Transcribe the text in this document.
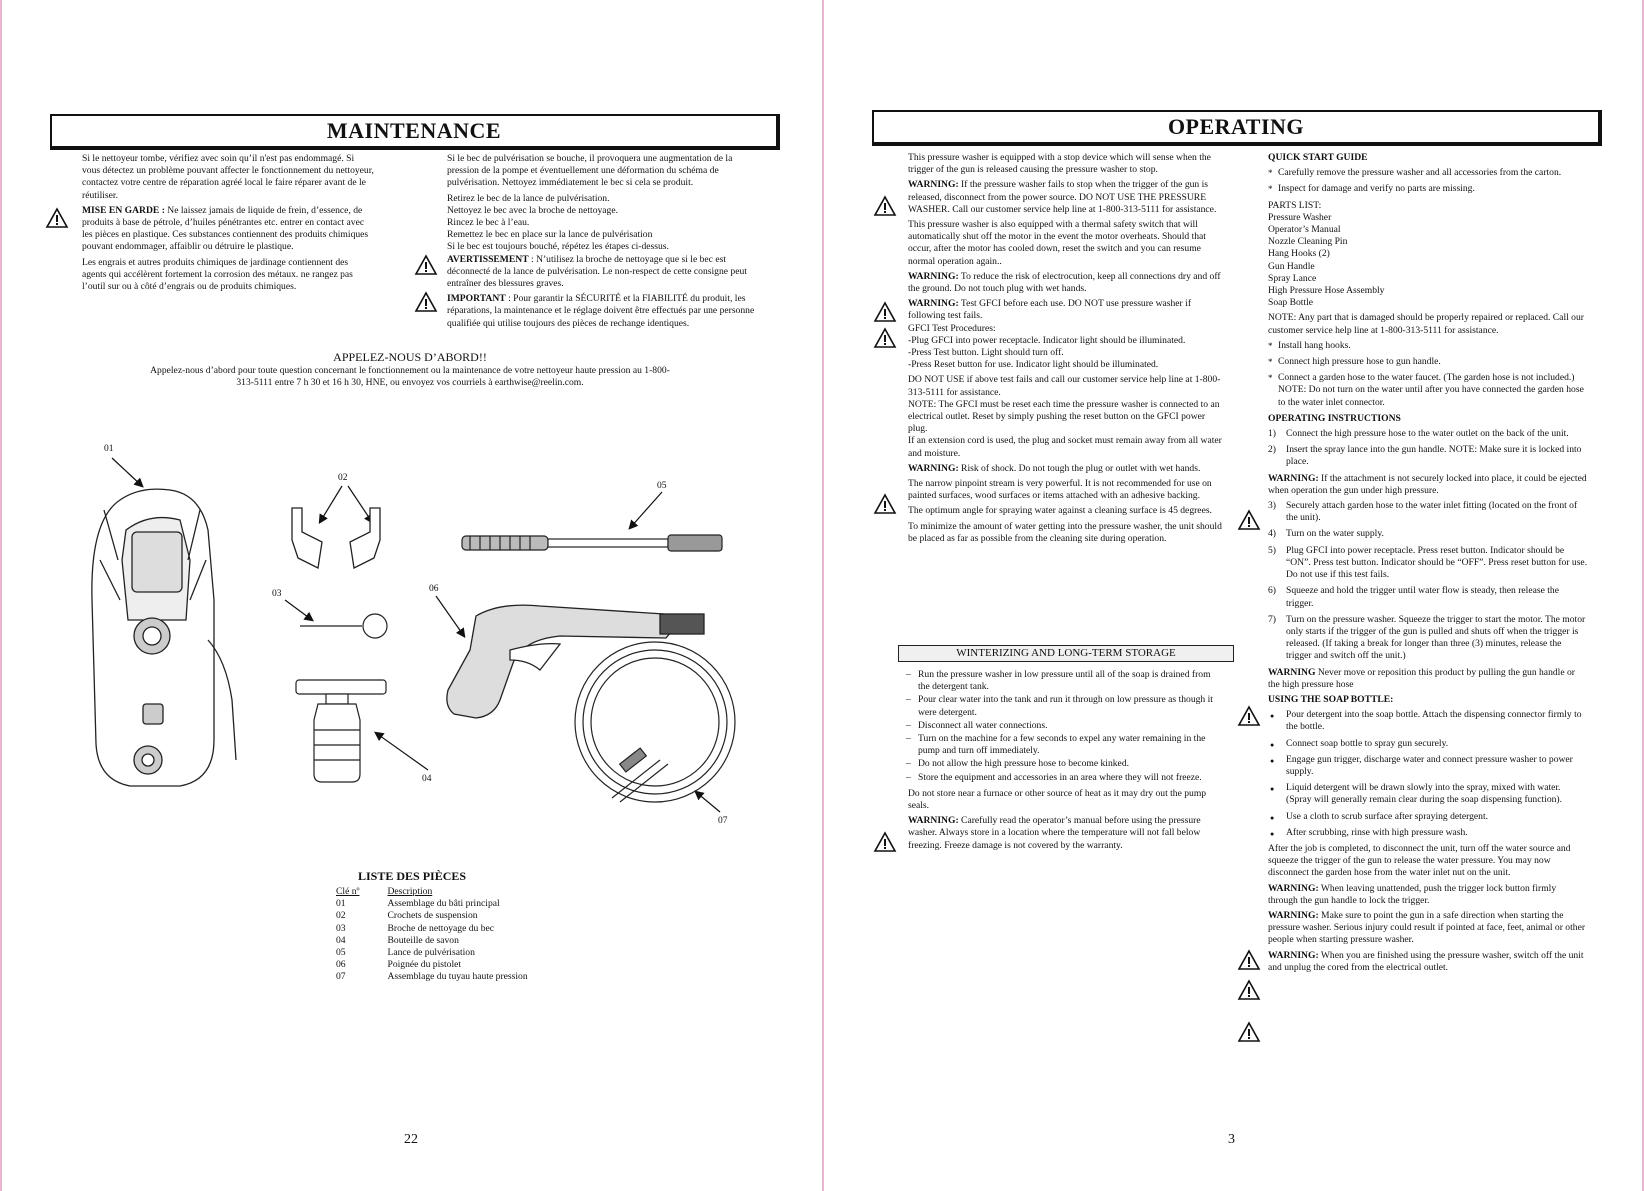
MAINTENANCE

Si le nettoyeur tombe, vérifiez avec soin qu’il n'est pas endommagé. Si vous détectez un problème pouvant affecter le fonctionnement du nettoyeur, contactez votre centre de réparation agréé local le faire réparer avant de le réutiliser.

MISE EN GARDE : Ne laissez jamais de liquide de frein, d’essence, de produits à base de pétrole, d’huiles pénétrantes etc. entrer en contact avec les pièces en plastique. Ces substances contiennent des produits chimiques pouvant endommager, affaiblir ou détruire le plastique.

Les engrais et autres produits chimiques de jardinage contiennent des agents qui accélèrent fortement la corrosion des métaux. ne rangez pas l’outil sur ou à côté d’engrais ou de produits chimiques.

Si le bec de pulvérisation se bouche, il provoquera une augmentation de la pression de la pompe et éventuellement une déformation du schéma de pulvérisation. Nettoyez immédiatement le bec si cela se produit.

Retirez le bec de la lance de pulvérisation.
Nettoyez le bec avec la broche de nettoyage.
Rincez le bec à l’eau.
Remettez le bec en place sur la lance de pulvérisation
Si le bec est toujours bouché, répétez les étapes ci-dessus.

AVERTISSEMENT : N’utilisez la broche de nettoyage que si le bec est déconnecté de la lance de pulvérisation. Le non-respect de cette consigne peut entraîner des blessures graves.

IMPORTANT : Pour garantir la SÉCURITÉ et la FIABILITÉ du produit, les réparations, la maintenance et le réglage doivent être effectués par une personne qualifiée qui utilise toujours des pièces de rechange identiques.

APPELEZ-NOUS D’ABORD!!
Appelez-nous d’abord pour toute question concernant le fonctionnement ou la maintenance de votre nettoyeur haute pression au 1-800-313-5111 entre 7 h 30 et 16 h 30, HNE, ou envoyez vos courriels à earthwise@reelin.com.
01
02
03
04
05
06
07
LISTE DES PIÈCES
Clé nº	Description
01	Assemblage du bâti principal
02	Crochets de suspension
03	Broche de nettoyage du bec
04	Bouteille de savon
05	Lance de pulvérisation
06	Poignée du pistolet
07	Assemblage du tuyau haute pression
22
OPERATING

This pressure washer is equipped with a stop device which will sense when the trigger of the gun is released causing the pressure washer to stop.

WARNING: If the pressure washer fails to stop when the trigger of the gun is released, disconnect from the power source. DO NOT USE THE PRESSURE WASHER. Call our customer service help line at 1-800-313-5111 for assistance.

This pressure washer is also equipped with a thermal safety switch that will automatically shut off the motor in the event the motor overheats. Should that occur, after the motor has cooled down, reset the switch and you can resume normal operation again..

WARNING: To reduce the risk of electrocution, keep all connections dry and off the ground. Do not touch plug with wet hands.

WARNING: Test GFCI before each use. DO NOT use pressure washer if following test fails.
GFCI Test Procedures:
-Plug GFCI into power receptacle. Indicator light should be illuminated.
-Press Test button. Light should turn off.

-Press Reset button for use. Indicator light should be illuminated.

DO NOT USE if above test fails and call our customer service help line at 1-800-313-5111 for assistance.
NOTE: The GFCI must be reset each time the pressure washer is connected to an electrical outlet. Reset by simply pushing the reset button on the GFCI power plug.

If an extension cord is used, the plug and socket must remain away from all water and moisture.

WARNING: Risk of shock. Do not tough the plug or outlet with wet hands.

The narrow pinpoint stream is very powerful. It is not recommended for use on painted surfaces, wood surfaces or items attached with an adhesive backing.

The optimum angle for spraying water against a cleaning surface is 45 degrees.

To minimize the amount of water getting into the pressure washer, the unit should be placed as far as possible from the cleaning site during operation.

WINTERIZING AND LONG-TERM STORAGE
– Run the pressure washer in low pressure until all of the soap is drained from the detergent tank.
– Pour clear water into the tank and run it through on low pressure as though it were detergent.
– Disconnect all water connections.
– Turn on the machine for a few seconds to expel any water remaining in the pump and turn off immediately.
– Do not allow the high pressure hose to become kinked.
– Store the equipment and accessories in an area where they will not freeze.

Do not store near a furnace or other source of heat as it may dry out the pump seals.

WARNING: Carefully read the operator’s manual before using the pressure washer. Always store in a location where the temperature will not fall below freezing. Freeze damage is not covered by the warranty.

QUICK START GUIDE
* Carefully remove the pressure washer and all accessories from the carton.
* Inspect for damage and verify no parts are missing.
PARTS LIST:
Pressure Washer
Operator’s Manual
Nozzle Cleaning Pin
Hang Hooks (2)
Gun Handle
Spray Lance
High Pressure Hose Assembly

Soap Bottle

NOTE: Any part that is damaged should be properly repaired or replaced. Call our customer service help line at 1-800-313-5111 for assistance.

* Install hang hooks.
* Connect high pressure hose to gun handle.
* Connect a garden hose to the water faucet. (The garden hose is not included.) NOTE: Do not turn on the water until after you have connected the garden hose to the water inlet connector.
OPERATING INSTRUCTIONS
1) Connect the high pressure hose to the water outlet on the back of the unit.
2) Insert the spray lance into the gun handle. NOTE: Make sure it is locked into place.

WARNING: If the attachment is not securely locked into place, it could be ejected when operation the gun under high pressure.

3) Securely attach garden hose to the water inlet fitting (located on the front of the unit).
4) Turn on the water supply.
5) Plug GFCI into power receptacle. Press reset button. Indicator should be “ON”. Press test button. Indicator should be “OFF”. Press reset button for use. Do not use if this test fails.
6) Squeeze and hold the trigger until water flow is steady, then release the trigger.
7) Turn on the pressure washer. Squeeze the trigger to start the motor. The motor only starts if the trigger of the gun is pulled and shuts off when the trigger is released. (If taking a break for longer than three (3) minutes, release the trigger and switch off the unit.)

WARNING Never move or reposition this product by pulling the gun handle or the high pressure hose

USING THE SOAP BOTTLE:
● Pour detergent into the soap bottle. Attach the dispensing connector firmly to the bottle.
● Connect soap bottle to spray gun securely.
● Engage gun trigger, discharge water and connect pressure washer to power supply.
● Liquid detergent will be drawn slowly into the spray, mixed with water. (Spray will generally remain clear during the soap dispensing function).
● Use a cloth to scrub surface after spraying detergent.
● After scrubbing, rinse with high pressure wash.

After the job is completed, to disconnect the unit, turn off the water source and squeeze the trigger of the gun to release the water pressure. You may now disconnect the garden hose from the water inlet nut on the unit.

WARNING: When leaving unattended, push the trigger lock button firmly through the gun handle to lock the trigger.

WARNING: Make sure to point the gun in a safe direction when starting the pressure washer. Serious injury could result if pointed at face, feet, animal or other people when starting pressure washer.

WARNING: When you are finished using the pressure washer, switch off the unit and unplug the cored from the electrical outlet.

3
